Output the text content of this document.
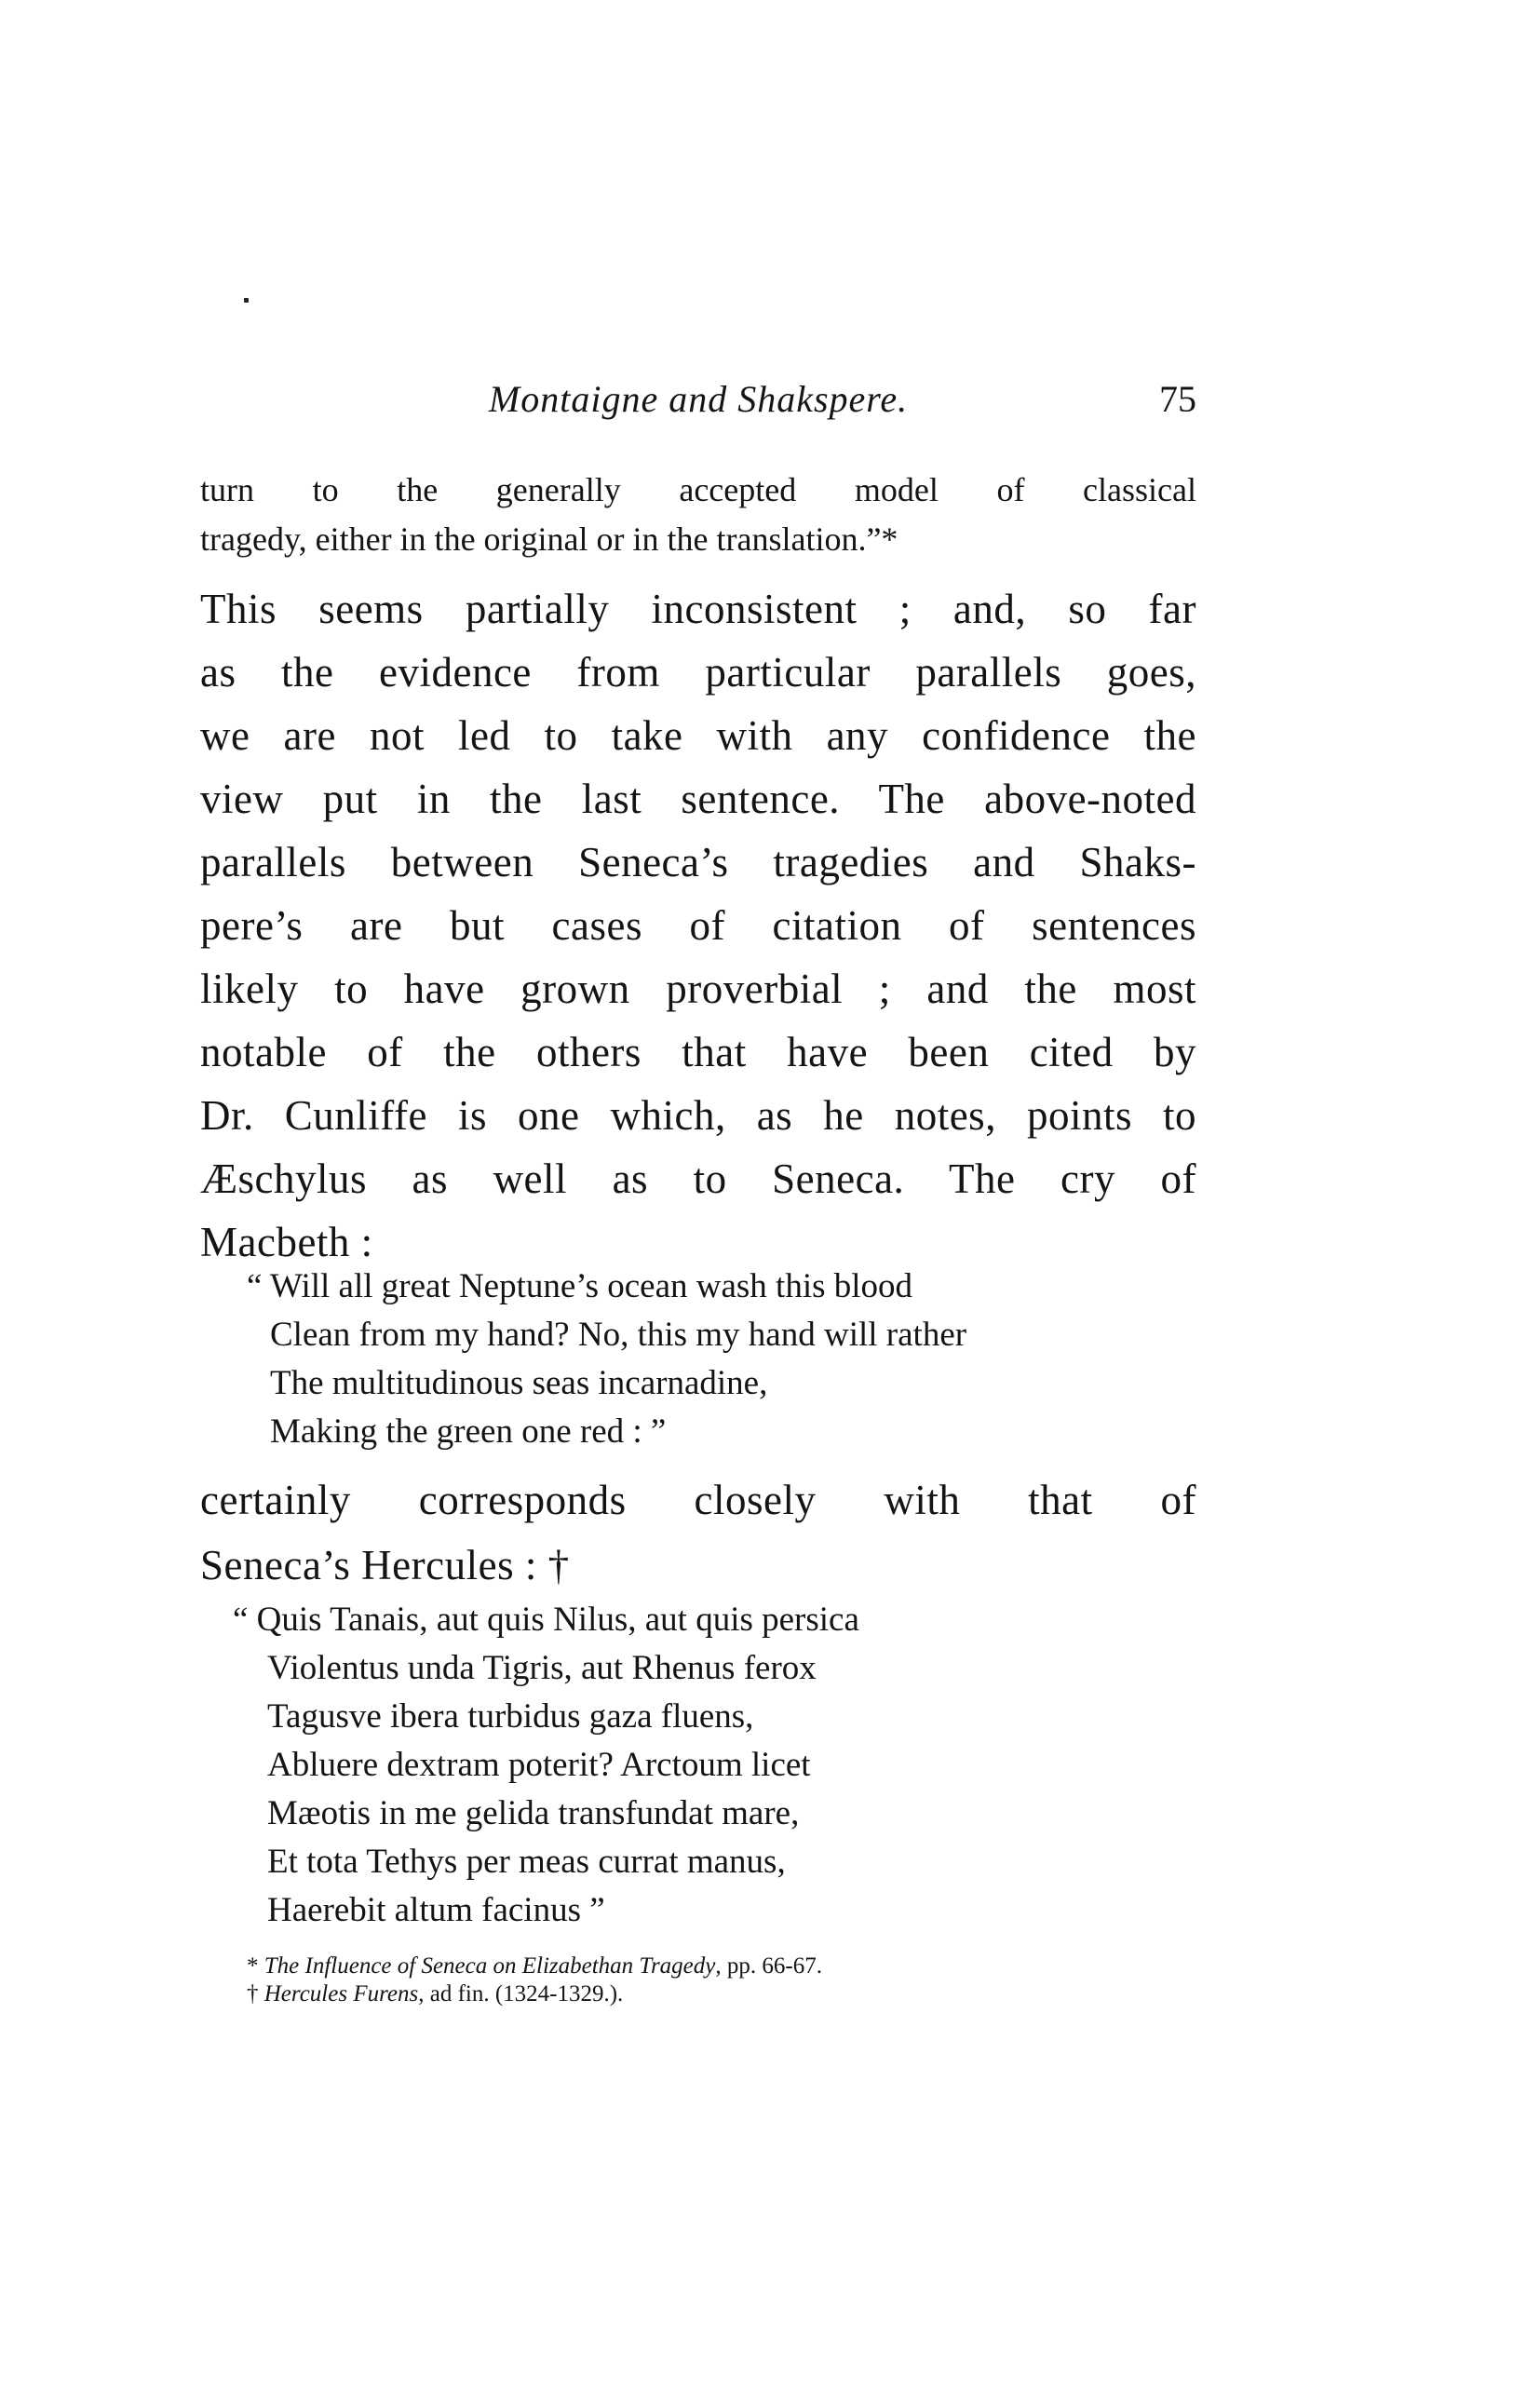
Montaigne and Shakspere.	75
turn to the generally accepted model of classical
tragedy, either in the original or in the translation.”*
This seems partially inconsistent ; and, so far
as the evidence from particular parallels goes,
we are not led to take with any confidence the
view put in the last sentence. The above-noted
parallels between Seneca’s tragedies and Shaks-
pere’s are but cases of citation of sentences
likely to have grown proverbial ; and the most
notable of the others that have been cited by
Dr. Cunliffe is one which, as he notes, points to
Æschylus as well as to Seneca. The cry of
Macbeth :
“ Will all great Neptune’s ocean wash this blood
Clean from my hand? No, this my hand will rather
The multitudinous seas incarnadine,
Making the green one red : ”
certainly corresponds closely with that of
Seneca’s Hercules : †
“ Quis Tanais, aut quis Nilus, aut quis persica
Violentus unda Tigris, aut Rhenus ferox
Tagusve ibera turbidus gaza fluens,
Abluere dextram poterit? Arctoum licet
Mæotis in me gelida transfundat mare,
Et tota Tethys per meas currat manus,
Haerebit altum facinus ”
* The Influence of Seneca on Elizabethan Tragedy, pp. 66-67.
† Hercules Furens, ad fin. (1324-1329.).
